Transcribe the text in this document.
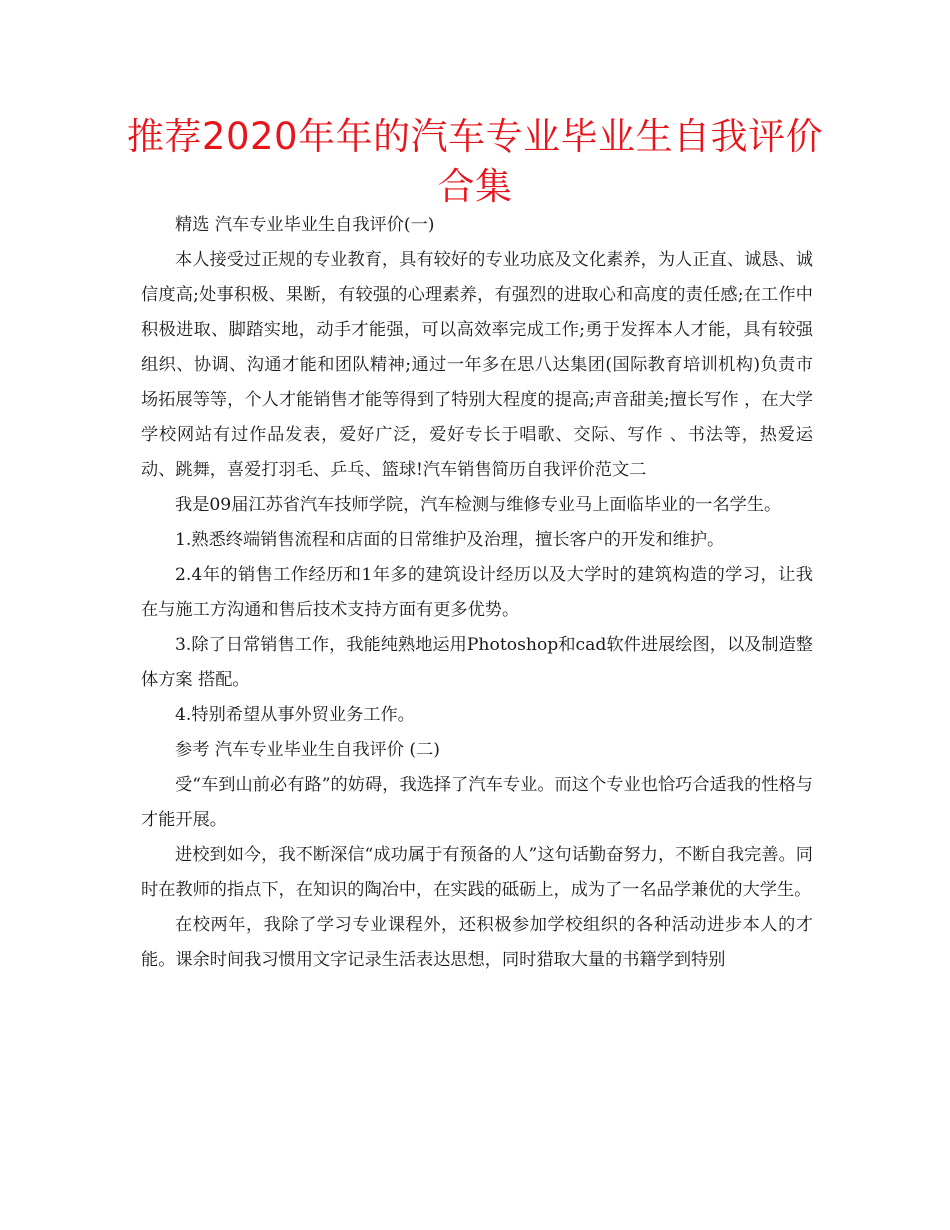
推荐2020年年的汽车专业毕业生自我评价
合集

精选 汽车专业毕业生自我评价(一)

本人接受过正规的专业教育，具有较好的专业功底及文化素养，为人正直、诚恳、诚信度高;处事积极、果断，有较强的心理素养，有强烈的进取心和高度的责任感;在工作中积极进取、脚踏实地，动手才能强，可以高效率完成工作;勇于发挥本人才能，具有较强组织、协调、沟通才能和团队精神;通过一年多在思八达集团(国际教育培训机构)负责市场拓展等等，个人才能销售才能等得到了特别大程度的提高;声音甜美;擅长写作 ，在大学学校网站有过作品发表，爱好广泛，爱好专长于唱歌、交际、写作 、书法等，热爱运动、跳舞，喜爱打羽毛、乒乓、篮球!汽车销售简历自我评价范文二

我是09届江苏省汽车技师学院，汽车检测与维修专业马上面临毕业的一名学生。

1.熟悉终端销售流程和店面的日常维护及治理，擅长客户的开发和维护。

2.4年的销售工作经历和1年多的建筑设计经历以及大学时的建筑构造的学习，让我在与施工方沟通和售后技术支持方面有更多优势。

3.除了日常销售工作，我能纯熟地运用Photoshop和cad软件进展绘图，以及制造整体方案 搭配。

4.特别希望从事外贸业务工作。

参考 汽车专业毕业生自我评价 (二)

受“车到山前必有路”的妨碍，我选择了汽车专业。而这个专业也恰巧合适我的性格与才能开展。

进校到如今，我不断深信“成功属于有预备的人”这句话勤奋努力，不断自我完善。同时在教师的指点下，在知识的陶冶中，在实践的砥砺上，成为了一名品学兼优的大学生。

在校两年，我除了学习专业课程外，还积极参加学校组织的各种活动进步本人的才能。课余时间我习惯用文字记录生活表达思想，同时猎取大量的书籍学到特别
